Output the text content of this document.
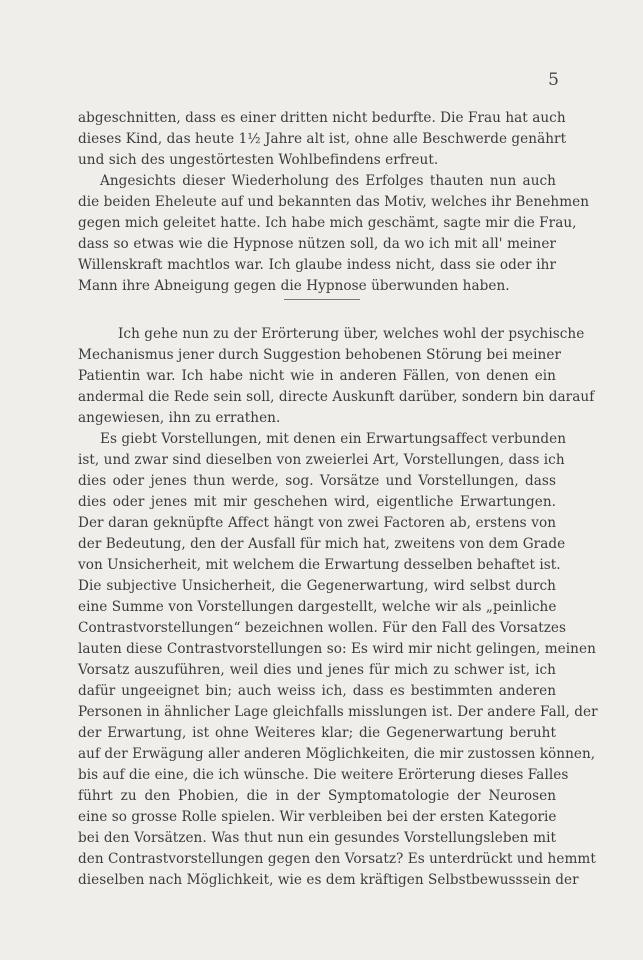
5
abgeschnitten, dass es einer dritten nicht bedurfte. Die Frau hat auch
dieses Kind, das heute 1½ Jahre alt ist, ohne alle Beschwerde genährt
und sich des ungestörtesten Wohlbefindens erfreut.
Angesichts dieser Wiederholung des Erfolges thauten nun auch
die beiden Eheleute auf und bekannten das Motiv, welches ihr Benehmen
gegen mich geleitet hatte. Ich habe mich geschämt, sagte mir die Frau,
dass so etwas wie die Hypnose nützen soll, da wo ich mit all' meiner
Willenskraft machtlos war. Ich glaube indess nicht, dass sie oder ihr
Mann ihre Abneigung gegen die Hypnose überwunden haben.
Ich gehe nun zu der Erörterung über, welches wohl der psychische
Mechanismus jener durch Suggestion behobenen Störung bei meiner
Patientin war. Ich habe nicht wie in anderen Fällen, von denen ein
andermal die Rede sein soll, directe Auskunft darüber, sondern bin darauf
angewiesen, ihn zu errathen.
Es giebt Vorstellungen, mit denen ein Erwartungsaffect verbunden
ist, und zwar sind dieselben von zweierlei Art, Vorstellungen, dass ich
dies oder jenes thun werde, sog. Vorsätze und Vorstellungen, dass
dies oder jenes mit mir geschehen wird, eigentliche Erwartungen.
Der daran geknüpfte Affect hängt von zwei Factoren ab, erstens von
der Bedeutung, den der Ausfall für mich hat, zweitens von dem Grade
von Unsicherheit, mit welchem die Erwartung desselben behaftet ist.
Die subjective Unsicherheit, die Gegenerwartung, wird selbst durch
eine Summe von Vorstellungen dargestellt, welche wir als „peinliche
Contrastvorstellungen“ bezeichnen wollen. Für den Fall des Vorsatzes
lauten diese Contrastvorstellungen so: Es wird mir nicht gelingen, meinen
Vorsatz auszuführen, weil dies und jenes für mich zu schwer ist, ich
dafür ungeeignet bin; auch weiss ich, dass es bestimmten anderen
Personen in ähnlicher Lage gleichfalls misslungen ist. Der andere Fall, der
der Erwartung, ist ohne Weiteres klar; die Gegenerwartung beruht
auf der Erwägung aller anderen Möglichkeiten, die mir zustossen können,
bis auf die eine, die ich wünsche. Die weitere Erörterung dieses Falles
führt zu den Phobien, die in der Symptomatologie der Neurosen
eine so grosse Rolle spielen. Wir verbleiben bei der ersten Kategorie
bei den Vorsätzen. Was thut nun ein gesundes Vorstellungsleben mit
den Contrastvorstellungen gegen den Vorsatz? Es unterdrückt und hemmt
dieselben nach Möglichkeit, wie es dem kräftigen Selbstbewusssein der
